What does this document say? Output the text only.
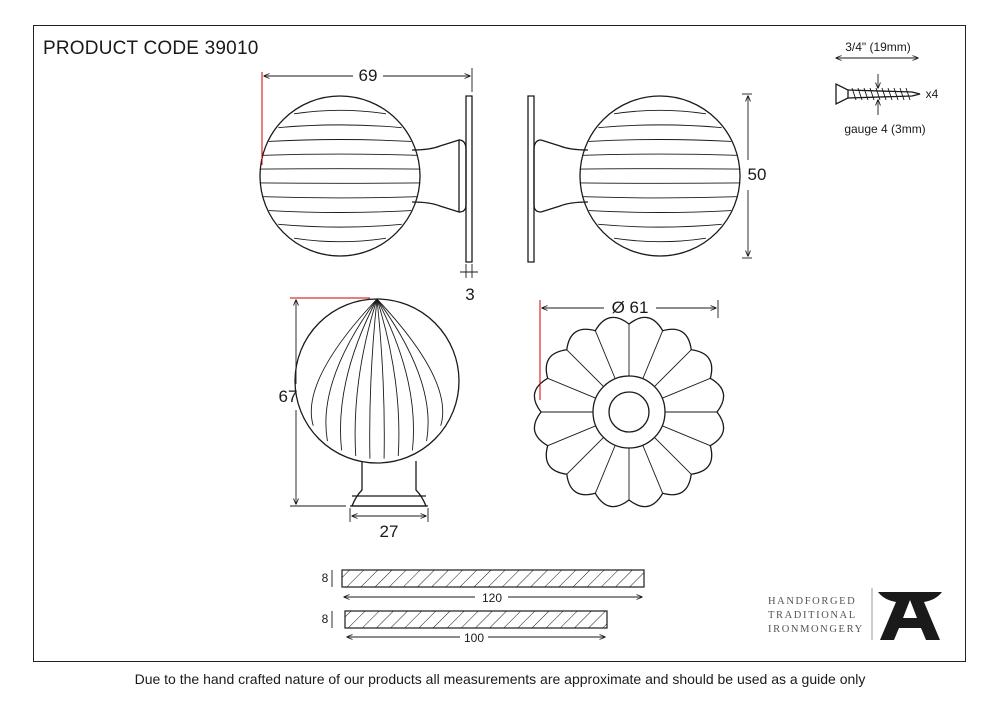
PRODUCT CODE 39010
69
3
50
67
27
Ø 61
3/4" (19mm)
x4
gauge 4 (3mm)
8
120
8
100
HANDFORGED
TRADITIONAL
IRONMONGERY
Due to the hand crafted nature of our products all measurements are approximate and should be used as a guide only
